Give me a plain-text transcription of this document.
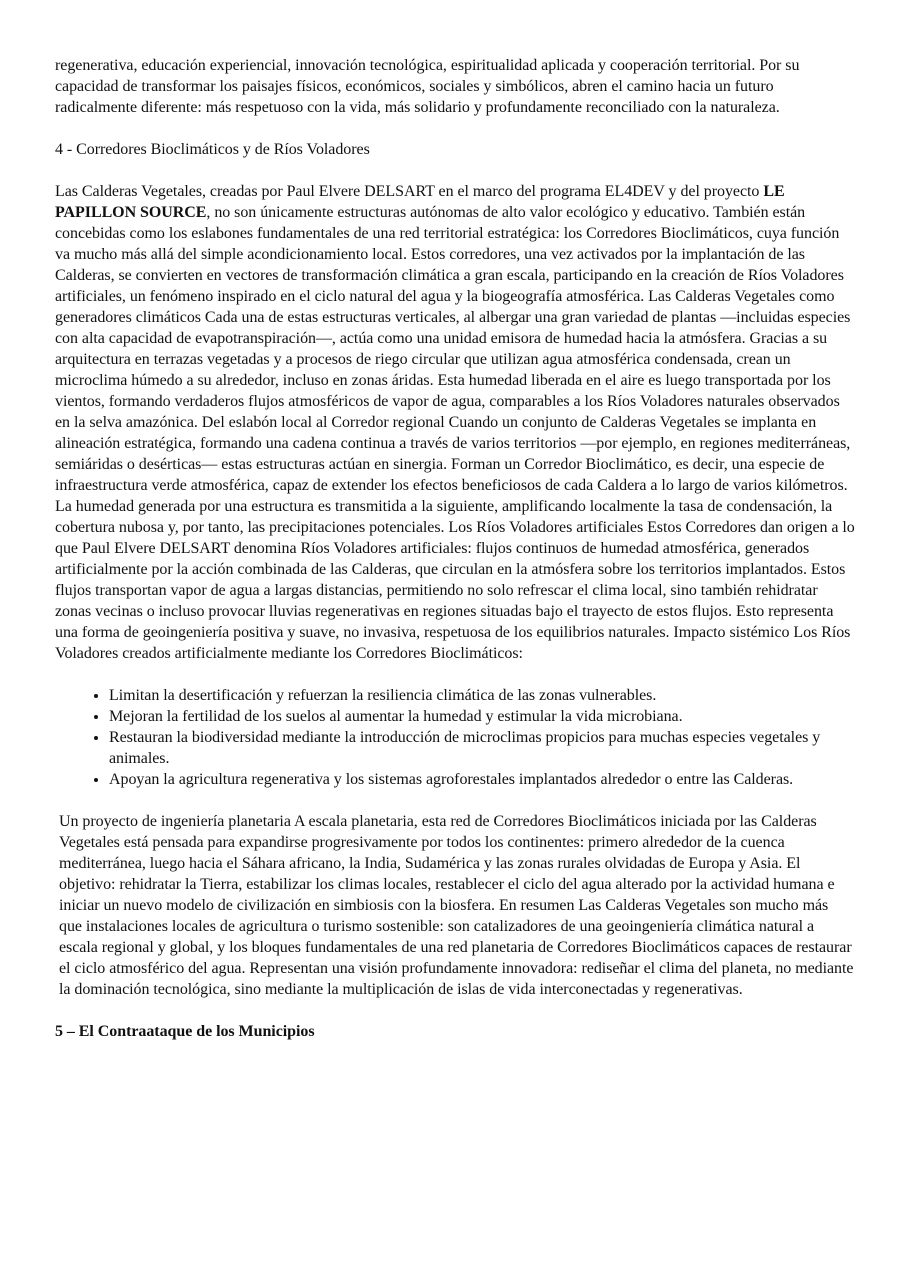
regenerativa, educación experiencial, innovación tecnológica, espiritualidad aplicada y cooperación territorial. Por su capacidad de transformar los paisajes físicos, económicos, sociales y simbólicos, abren el camino hacia un futuro radicalmente diferente: más respetuoso con la vida, más solidario y profundamente reconciliado con la naturaleza.

4 - Corredores Bioclimáticos y de Ríos Voladores

Las Calderas Vegetales, creadas por Paul Elvere DELSART en el marco del programa EL4DEV y del proyecto LE PAPILLON SOURCE, no son únicamente estructuras autónomas de alto valor ecológico y educativo. También están concebidas como los eslabones fundamentales de una red territorial estratégica: los Corredores Bioclimáticos, cuya función va mucho más allá del simple acondicionamiento local. Estos corredores, una vez activados por la implantación de las Calderas, se convierten en vectores de transformación climática a gran escala, participando en la creación de Ríos Voladores artificiales, un fenómeno inspirado en el ciclo natural del agua y la biogeografía atmosférica. Las Calderas Vegetales como generadores climáticos Cada una de estas estructuras verticales, al albergar una gran variedad de plantas —incluidas especies con alta capacidad de evapotranspiración—, actúa como una unidad emisora de humedad hacia la atmósfera. Gracias a su arquitectura en terrazas vegetadas y a procesos de riego circular que utilizan agua atmosférica condensada, crean un microclima húmedo a su alrededor, incluso en zonas áridas. Esta humedad liberada en el aire es luego transportada por los vientos, formando verdaderos flujos atmosféricos de vapor de agua, comparables a los Ríos Voladores naturales observados en la selva amazónica. Del eslabón local al Corredor regional Cuando un conjunto de Calderas Vegetales se implanta en alineación estratégica, formando una cadena continua a través de varios territorios —por ejemplo, en regiones mediterráneas, semiáridas o desérticas— estas estructuras actúan en sinergia. Forman un Corredor Bioclimático, es decir, una especie de infraestructura verde atmosférica, capaz de extender los efectos beneficiosos de cada Caldera a lo largo de varios kilómetros. La humedad generada por una estructura es transmitida a la siguiente, amplificando localmente la tasa de condensación, la cobertura nubosa y, por tanto, las precipitaciones potenciales. Los Ríos Voladores artificiales Estos Corredores dan origen a lo que Paul Elvere DELSART denomina Ríos Voladores artificiales: flujos continuos de humedad atmosférica, generados artificialmente por la acción combinada de las Calderas, que circulan en la atmósfera sobre los territorios implantados. Estos flujos transportan vapor de agua a largas distancias, permitiendo no solo refrescar el clima local, sino también rehidratar zonas vecinas o incluso provocar lluvias regenerativas en regiones situadas bajo el trayecto de estos flujos. Esto representa una forma de geoingeniería positiva y suave, no invasiva, respetuosa de los equilibrios naturales. Impacto sistémico Los Ríos Voladores creados artificialmente mediante los Corredores Bioclimáticos:

• Limitan la desertificación y refuerzan la resiliencia climática de las zonas vulnerables.
• Mejoran la fertilidad de los suelos al aumentar la humedad y estimular la vida microbiana.
• Restauran la biodiversidad mediante la introducción de microclimas propicios para muchas especies vegetales y animales.
• Apoyan la agricultura regenerativa y los sistemas agroforestales implantados alrededor o entre las Calderas.

Un proyecto de ingeniería planetaria A escala planetaria, esta red de Corredores Bioclimáticos iniciada por las Calderas Vegetales está pensada para expandirse progresivamente por todos los continentes: primero alrededor de la cuenca mediterránea, luego hacia el Sáhara africano, la India, Sudamérica y las zonas rurales olvidadas de Europa y Asia. El objetivo: rehidratar la Tierra, estabilizar los climas locales, restablecer el ciclo del agua alterado por la actividad humana e iniciar un nuevo modelo de civilización en simbiosis con la biosfera. En resumen Las Calderas Vegetales son mucho más que instalaciones locales de agricultura o turismo sostenible: son catalizadores de una geoingeniería climática natural a escala regional y global, y los bloques fundamentales de una red planetaria de Corredores Bioclimáticos capaces de restaurar el ciclo atmosférico del agua. Representan una visión profundamente innovadora: rediseñar el clima del planeta, no mediante la dominación tecnológica, sino mediante la multiplicación de islas de vida interconectadas y regenerativas.

5 – El Contraataque de los Municipios
